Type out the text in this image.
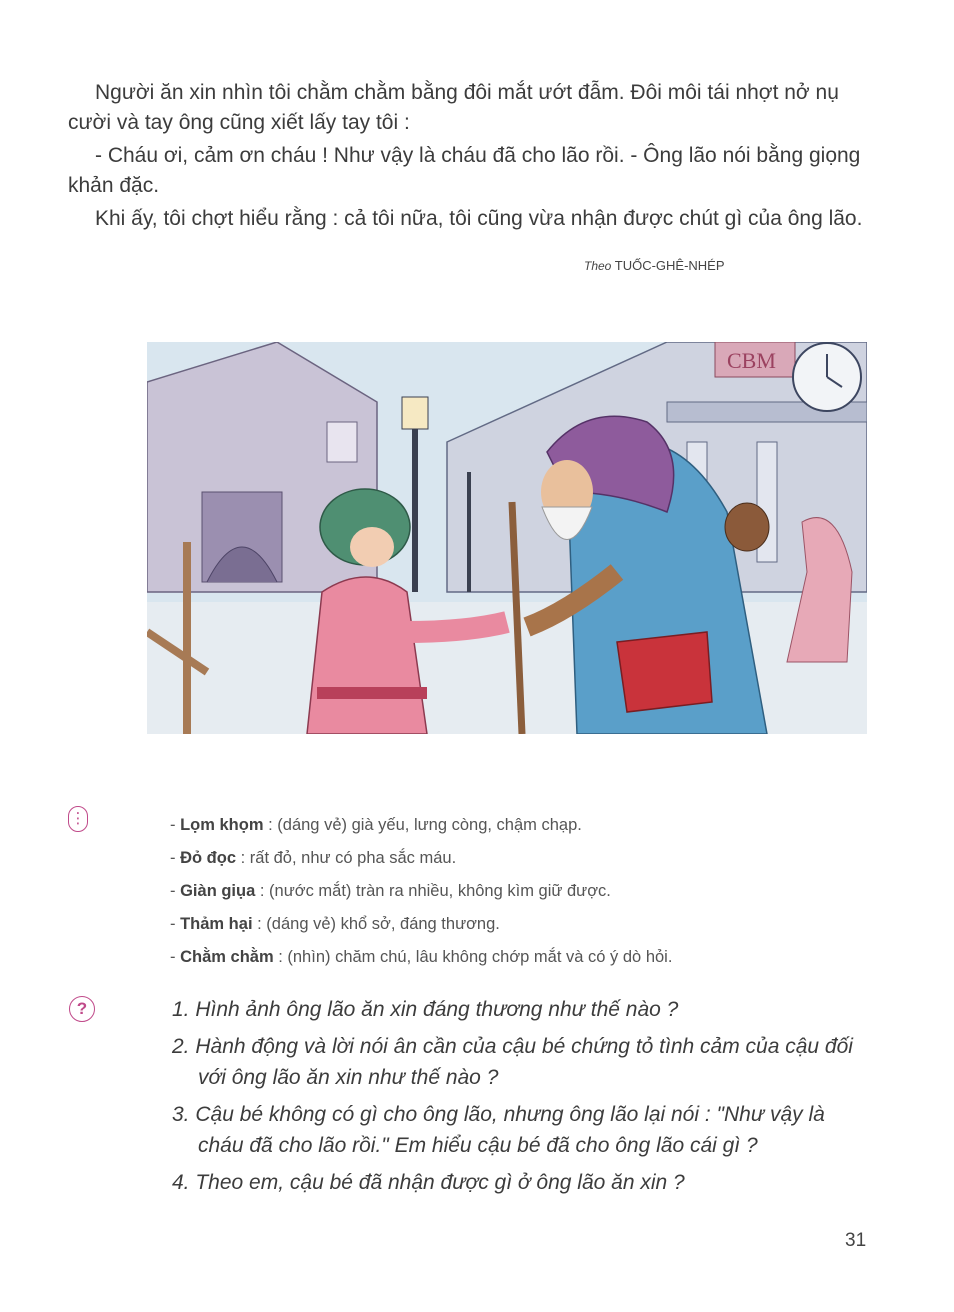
Người ăn xin nhìn tôi chằm chằm bằng đôi mắt ướt đẫm. Đôi môi tái nhợt nở nụ cười và tay ông cũng xiết lấy tay tôi :

- Cháu ơi, cảm ơn cháu ! Như vậy là cháu đã cho lão rồi. - Ông lão nói bằng giọng khản đặc.

Khi ấy, tôi chợt hiểu rằng : cả tôi nữa, tôi cũng vừa nhận được chút gì của ông lão.

Theo TUỐC-GHÊ-NHÉP
CBM
⋮	- Lọm khọm : (dáng vẻ) già yếu, lưng còng, chậm chạp.
- Đỏ đọc : rất đỏ, như có pha sắc máu.
- Giàn giụa : (nước mắt) tràn ra nhiều, không kìm giữ được.
- Thảm hại : (dáng vẻ) khổ sở, đáng thương.
- Chằm chằm : (nhìn) chăm chú, lâu không chớp mắt và có ý dò hỏi.
?	1. Hình ảnh ông lão ăn xin đáng thương như thế nào ?
2. Hành động và lời nói ân cần của cậu bé chứng tỏ tình cảm của cậu đối với ông lão ăn xin như thế nào ?
3. Cậu bé không có gì cho ông lão, nhưng ông lão lại nói : "Như vậy là cháu đã cho lão rồi." Em hiểu cậu bé đã cho ông lão cái gì ?
4. Theo em, cậu bé đã nhận được gì ở ông lão ăn xin ?
31
